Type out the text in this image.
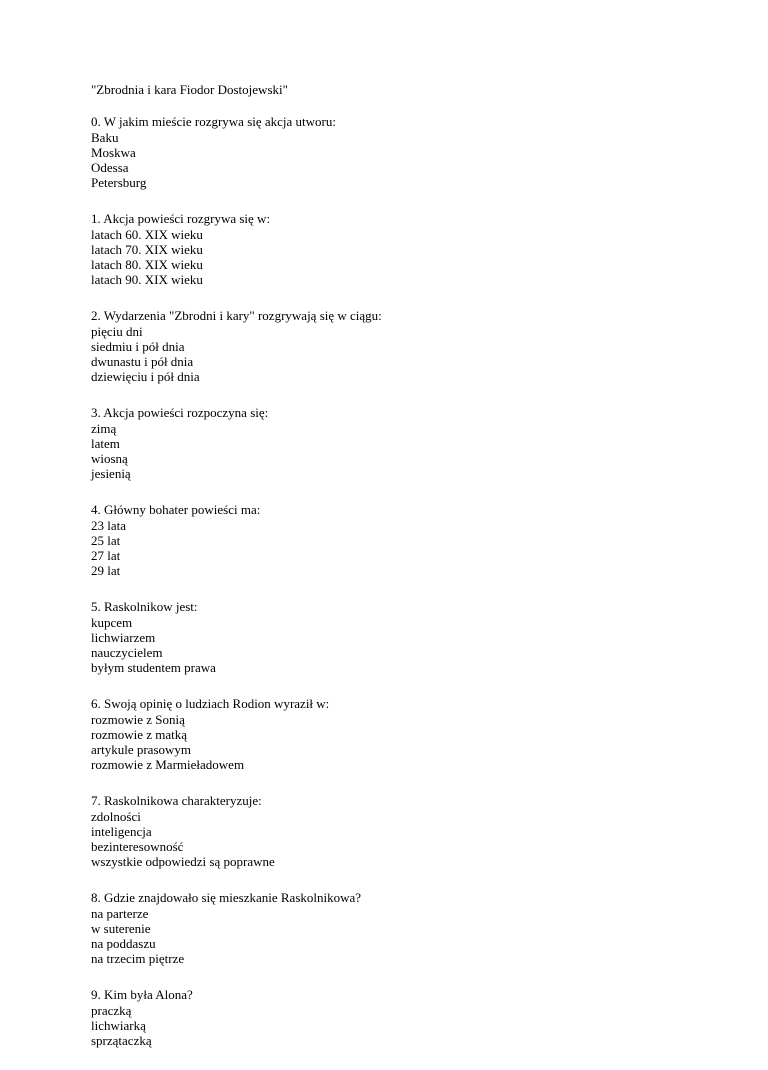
"Zbrodnia i kara Fiodor Dostojewski"
0. W jakim mieście rozgrywa się akcja utworu:
Baku
Moskwa
Odessa
Petersburg
1. Akcja powieści rozgrywa się w:
latach 60. XIX wieku
latach 70. XIX wieku
latach 80. XIX wieku
latach 90. XIX wieku
2. Wydarzenia "Zbrodni i kary" rozgrywają się w ciągu:
pięciu dni
siedmiu i pół dnia
dwunastu i pół dnia
dziewięciu i pół dnia
3. Akcja powieści rozpoczyna się:
zimą
latem
wiosną
jesienią
4. Główny bohater powieści ma:
23 lata
25 lat
27 lat
29 lat
5. Raskolnikow jest:
kupcem
lichwiarzem
nauczycielem
byłym studentem prawa
6. Swoją opinię o ludziach Rodion wyraził w:
rozmowie z Sonią
rozmowie z matką
artykule prasowym
rozmowie z Marmieładowem
7. Raskolnikowa charakteryzuje:
zdolności
inteligencja
bezinteresowność
wszystkie odpowiedzi są poprawne
8. Gdzie znajdowało się mieszkanie Raskolnikowa?
na parterze
w suterenie
na poddaszu
na trzecim piętrze
9. Kim była Alona?
praczką
lichwiarką
sprzątaczką
